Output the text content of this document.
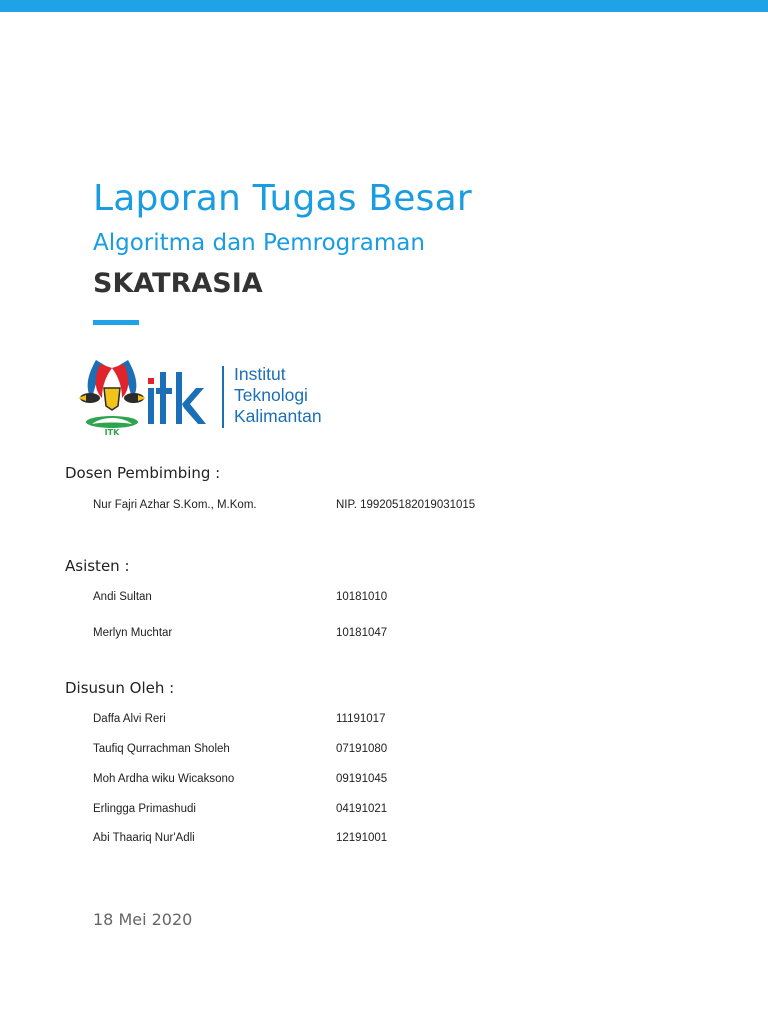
Laporan Tugas Besar
Algoritma dan Pemrograman
SKATRASIA
ITK
Institut
Teknologi
Kalimantan
Dosen Pembimbing :
Nur Fajri Azhar S.Kom., M.Kom.	NIP. 199205182019031015
Asisten :
Andi Sultan	10181010
Merlyn Muchtar	10181047
Disusun Oleh :
Daffa Alvi Reri	11191017
Taufiq Qurrachman Sholeh	07191080
Moh Ardha wiku Wicaksono	09191045
Erlingga Primashudi	04191021
Abi Thaariq Nur'Adli	12191001
18 Mei 2020
